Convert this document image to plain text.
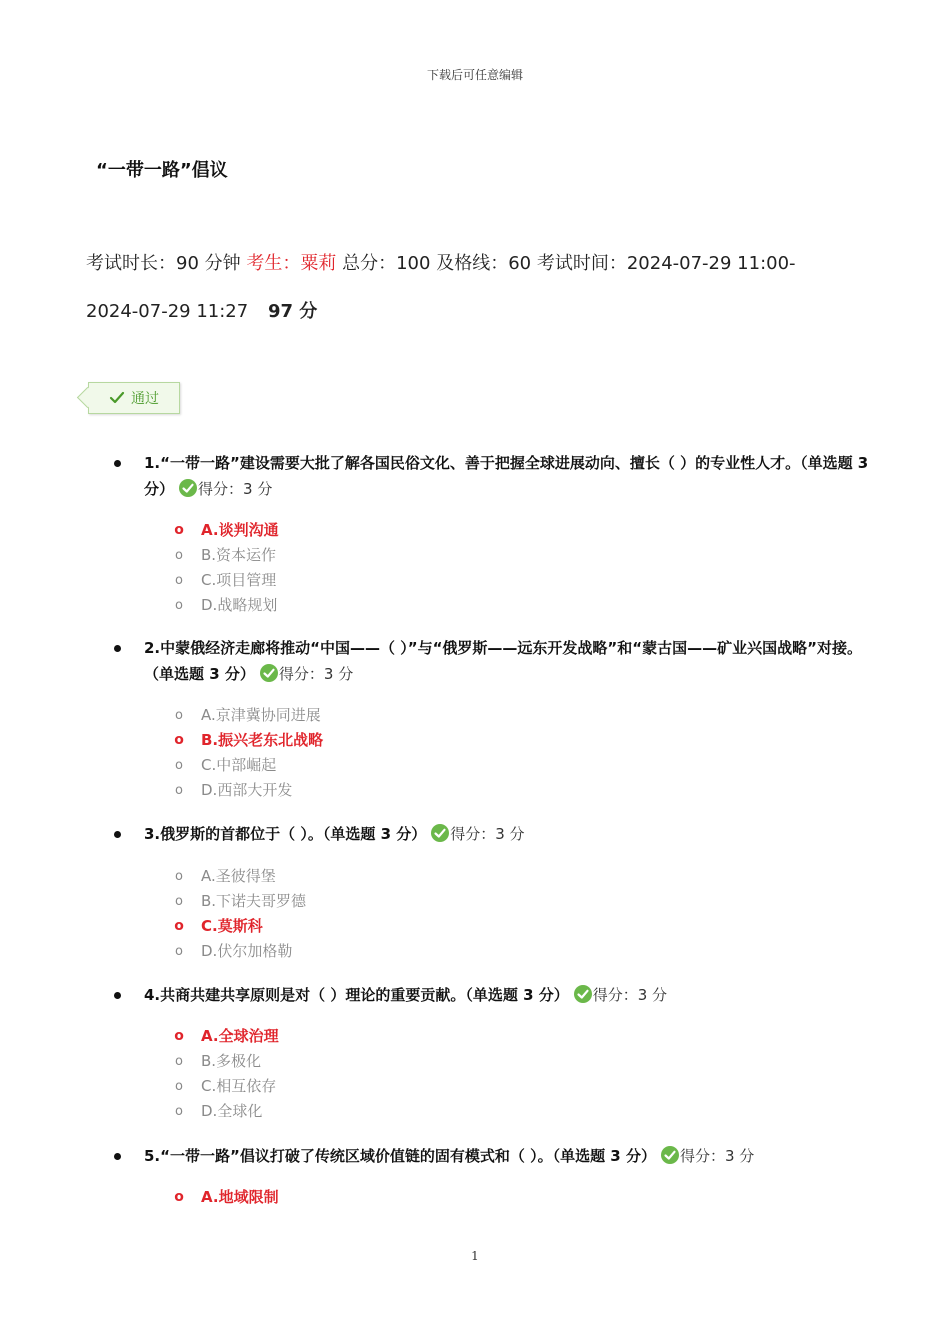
下载后可任意编辑
“一带一路”倡议
考试时长：90 分钟 考生：粟莉 总分：100 及格线：60 考试时间：2024-07-29 11:00-
2024-07-29 11:27 97 分
通过
1.“一带一路”建设需要大批了解各国民俗文化、善于把握全球进展动向、擅长（ ）的专业性人才。（单选题 3 分） 得分：3 分
o A.谈判沟通
o B.资本运作
o C.项目管理
o D.战略规划
2.中蒙俄经济走廊将推动“中国——（ ）”与“俄罗斯——远东开发战略”和“蒙古国——矿业兴国战略”对接。（单选题 3 分） 得分：3 分
o A.京津冀协同进展
o B.振兴老东北战略
o C.中部崛起
o D.西部大开发
3.俄罗斯的首都位于（ ）。（单选题 3 分） 得分：3 分
o A.圣彼得堡
o B.下诺夫哥罗德
o C.莫斯科
o D.伏尔加格勒
4.共商共建共享原则是对（ ）理论的重要贡献。（单选题 3 分） 得分：3 分
o A.全球治理
o B.多极化
o C.相互依存
o D.全球化
5.“一带一路”倡议打破了传统区域价值链的固有模式和（ ）。（单选题 3 分） 得分：3 分
o A.地域限制
1
